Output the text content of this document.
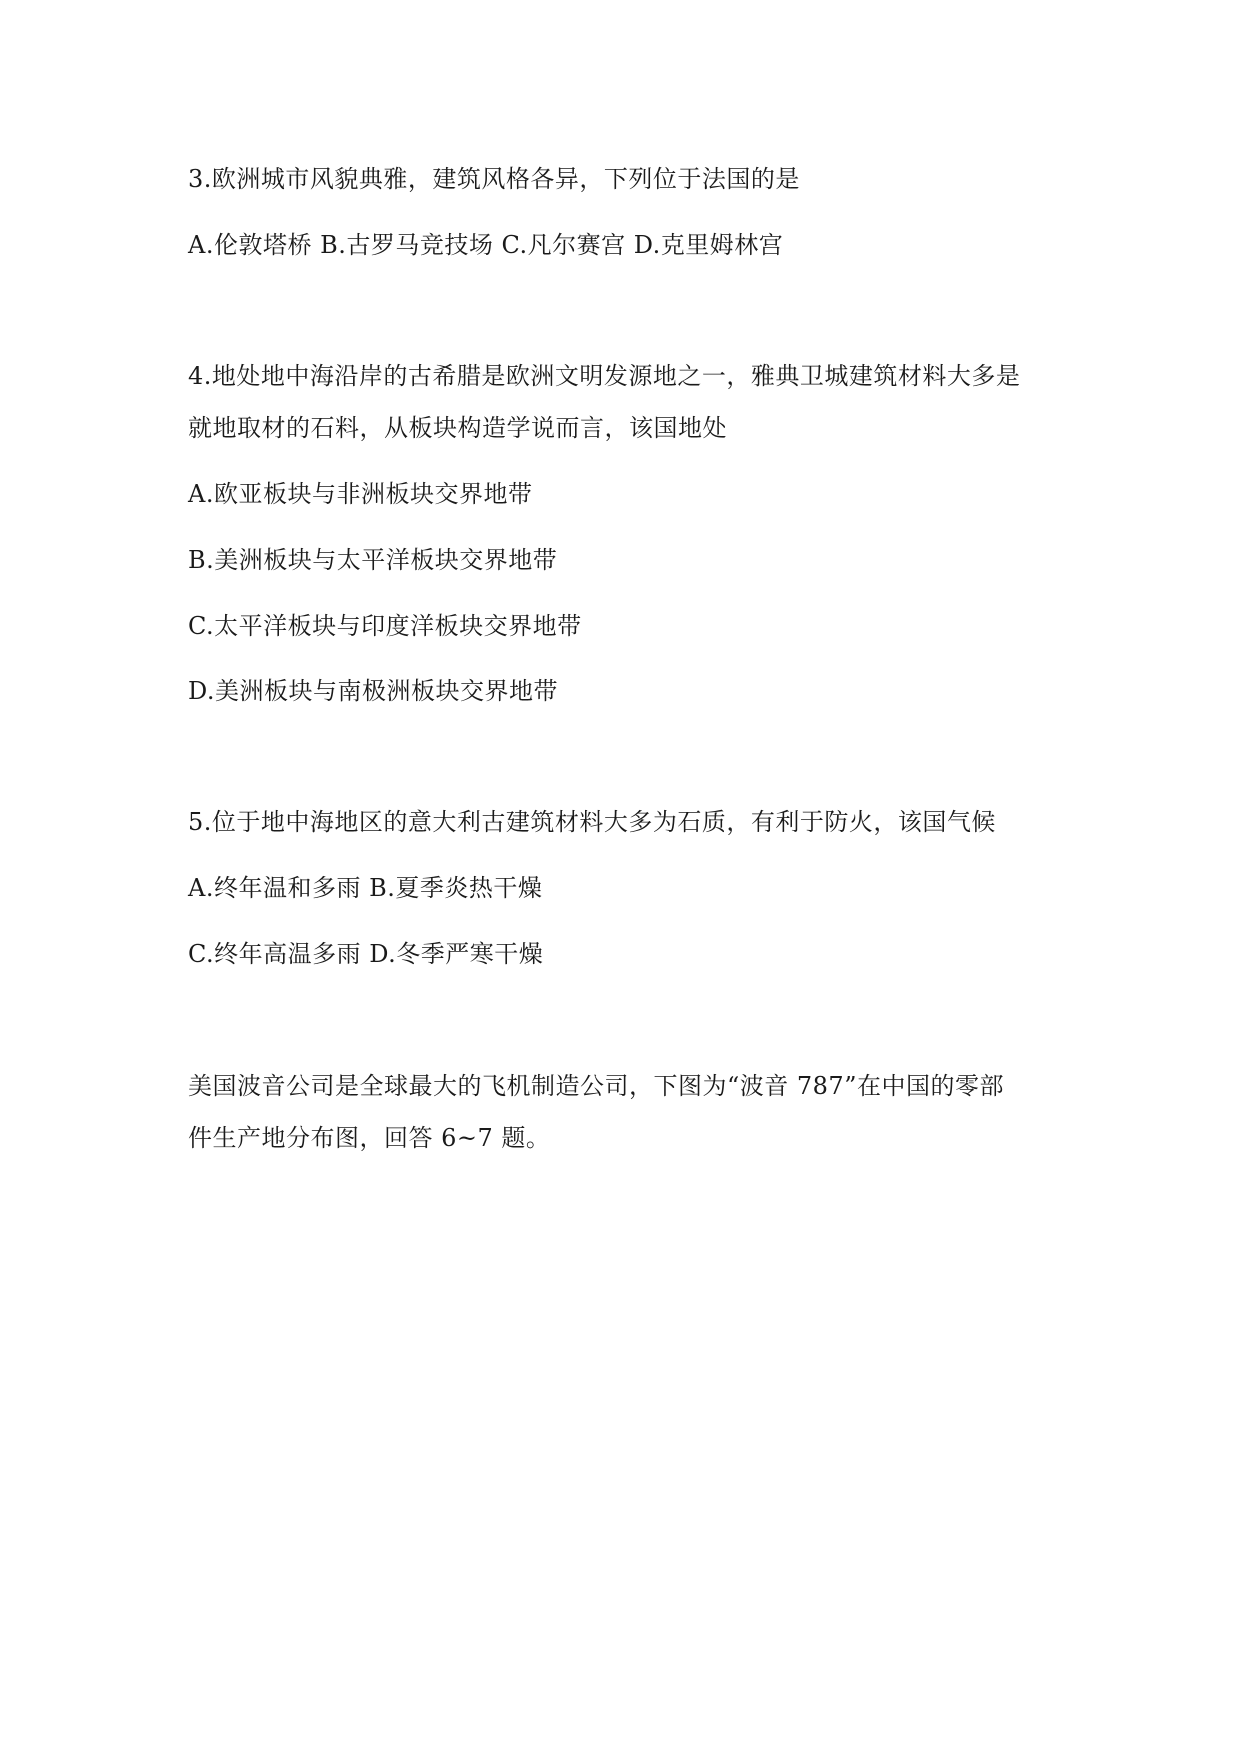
3.欧洲城市风貌典雅，建筑风格各异，下列位于法国的是
A.伦敦塔桥 B.古罗马竞技场 C.凡尔赛宫 D.克里姆林宫
4.地处地中海沿岸的古希腊是欧洲文明发源地之一，雅典卫城建筑材料大多是
就地取材的石料，从板块构造学说而言，该国地处
A.欧亚板块与非洲板块交界地带
B.美洲板块与太平洋板块交界地带
C.太平洋板块与印度洋板块交界地带
D.美洲板块与南极洲板块交界地带
5.位于地中海地区的意大利古建筑材料大多为石质，有利于防火，该国气候
A.终年温和多雨 B.夏季炎热干燥
C.终年高温多雨 D.冬季严寒干燥
美国波音公司是全球最大的飞机制造公司，下图为“波音 787”在中国的零部
件生产地分布图，回答 6~7 题。
